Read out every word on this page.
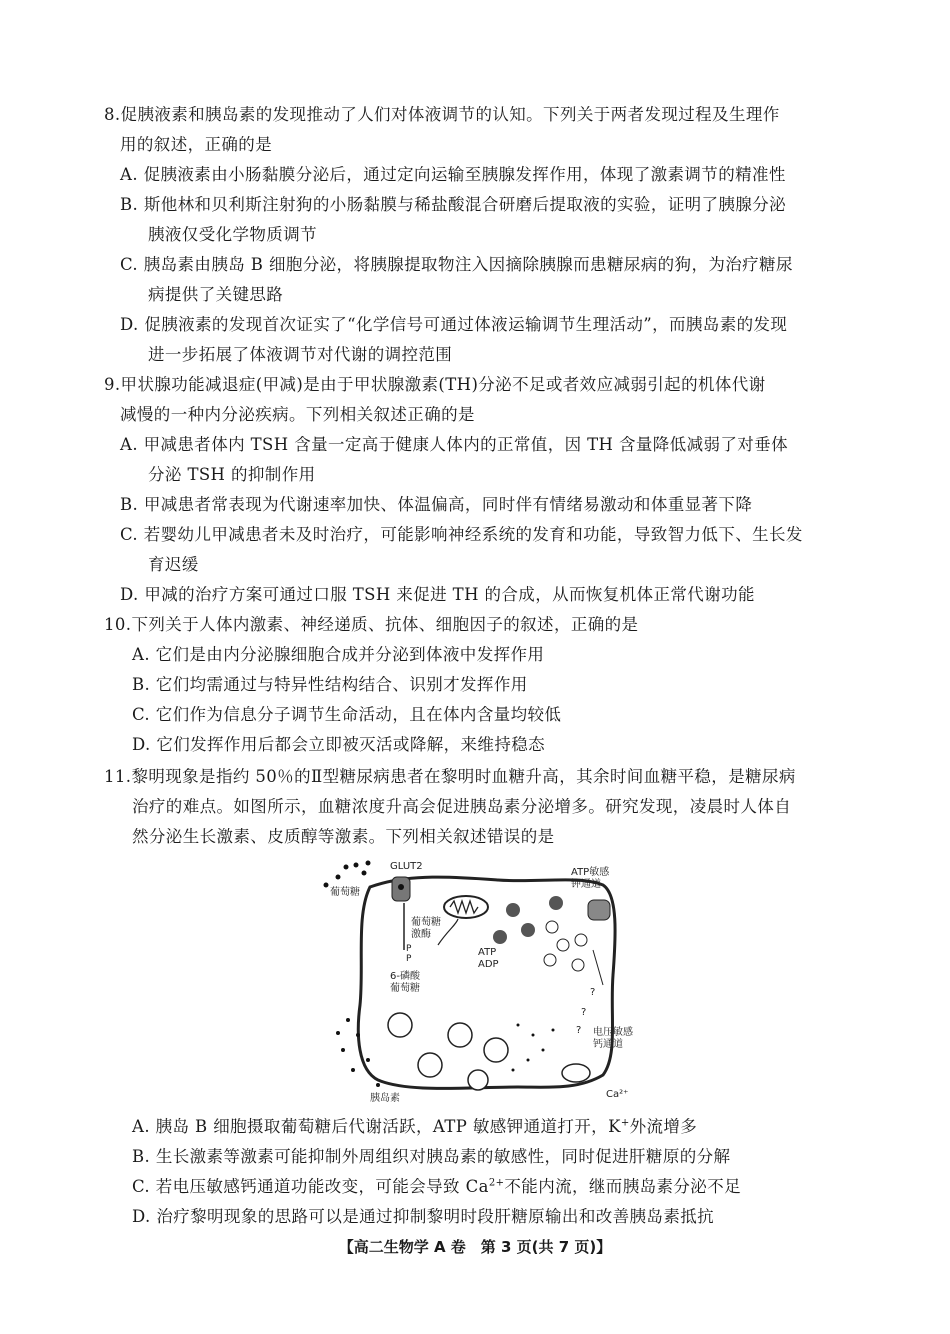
8.促胰液素和胰岛素的发现推动了人们对体液调节的认知。下列关于两者发现过程及生理作
用的叙述，正确的是
A. 促胰液素由小肠黏膜分泌后，通过定向运输至胰腺发挥作用，体现了激素调节的精准性
B. 斯他林和贝利斯注射狗的小肠黏膜与稀盐酸混合研磨后提取液的实验，证明了胰腺分泌
胰液仅受化学物质调节
C. 胰岛素由胰岛 B 细胞分泌，将胰腺提取物注入因摘除胰腺而患糖尿病的狗，为治疗糖尿
病提供了关键思路
D. 促胰液素的发现首次证实了“化学信号可通过体液运输调节生理活动”，而胰岛素的发现
进一步拓展了体液调节对代谢的调控范围
9.甲状腺功能减退症(甲减)是由于甲状腺激素(TH)分泌不足或者效应减弱引起的机体代谢
减慢的一种内分泌疾病。下列相关叙述正确的是
A. 甲减患者体内 TSH 含量一定高于健康人体内的正常值，因 TH 含量降低减弱了对垂体
分泌 TSH 的抑制作用
B. 甲减患者常表现为代谢速率加快、体温偏高，同时伴有情绪易激动和体重显著下降
C. 若婴幼儿甲减患者未及时治疗，可能影响神经系统的发育和功能，导致智力低下、生长发
育迟缓
D. 甲减的治疗方案可通过口服 TSH 来促进 TH 的合成，从而恢复机体正常代谢功能
10.下列关于人体内激素、神经递质、抗体、细胞因子的叙述，正确的是
A. 它们是由内分泌腺细胞合成并分泌到体液中发挥作用
B. 它们均需通过与特异性结构结合、识别才发挥作用
C. 它们作为信息分子调节生命活动，且在体内含量均较低
D. 它们发挥作用后都会立即被灭活或降解，来维持稳态
11.黎明现象是指约 50％的Ⅱ型糖尿病患者在黎明时血糖升高，其余时间血糖平稳，是糖尿病
治疗的难点。如图所示，血糖浓度升高会促进胰岛素分泌增多。研究发现，凌晨时人体自
然分泌生长激素、皮质醇等激素。下列相关叙述错误的是
葡萄糖
GLUT2
葡萄糖
激酶
P
P
6-磷酸
葡萄糖
ATP
ADP
ATP敏感
钾通道
?
?
? 电压敏感
钙通道
Ca²⁺
胰岛素
A. 胰岛 B 细胞摄取葡萄糖后代谢活跃，ATP 敏感钾通道打开，K+外流增多
B. 生长激素等激素可能抑制外周组织对胰岛素的敏感性，同时促进肝糖原的分解
C. 若电压敏感钙通道功能改变，可能会导致 $Ca^{2+}$不能内流，继而胰岛素分泌不足
D. 治疗黎明现象的思路可以是通过抑制黎明时段肝糖原输出和改善胰岛素抵抗
【高二生物学 A 卷　第 3 页(共 7 页)】
